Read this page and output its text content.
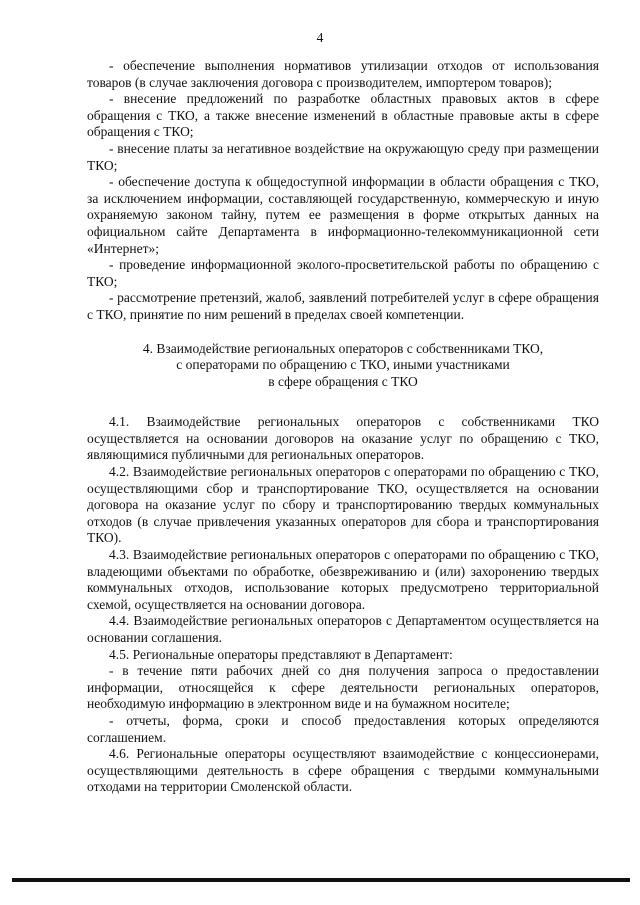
4

- обеспечение выполнения нормативов утилизации отходов от использования товаров (в случае заключения договора с производителем, импортером товаров);

- внесение предложений по разработке областных правовых актов в сфере обращения с ТКО, а также внесение изменений в областные правовые акты в сфере обращения с ТКО;

- внесение платы за негативное воздействие на окружающую среду при размещении ТКО;

- обеспечение доступа к общедоступной информации в области обращения с ТКО, за исключением информации, составляющей государственную, коммерческую и иную охраняемую законом тайну, путем ее размещения в форме открытых данных на официальном сайте Департамента в информационно-телекоммуникационной сети «Интернет»;

- проведение информационной эколого-просветительской работы по обращению с ТКО;

- рассмотрение претензий, жалоб, заявлений потребителей услуг в сфере обращения с ТКО, принятие по ним решений в пределах своей компетенции.

4. Взаимодействие региональных операторов с собственниками ТКО,
с операторами по обращению с ТКО, иными участниками
в сфере обращения с ТКО

4.1. Взаимодействие региональных операторов с собственниками ТКО осуществляется на основании договоров на оказание услуг по обращению с ТКО, являющимися публичными для региональных операторов.

4.2. Взаимодействие региональных операторов с операторами по обращению с ТКО, осуществляющими сбор и транспортирование ТКО, осуществляется на основании договора на оказание услуг по сбору и транспортированию твердых коммунальных отходов (в случае привлечения указанных операторов для сбора и транспортирования ТКО).

4.3. Взаимодействие региональных операторов с операторами по обращению с ТКО, владеющими объектами по обработке, обезвреживанию и (или) захоронению твердых коммунальных отходов, использование которых предусмотрено территориальной схемой, осуществляется на основании договора.

4.4. Взаимодействие региональных операторов с Департаментом осуществляется на основании соглашения.

4.5. Региональные операторы представляют в Департамент:

- в течение пяти рабочих дней со дня получения запроса о предоставлении информации, относящейся к сфере деятельности региональных операторов, необходимую информацию в электронном виде и на бумажном носителе;

- отчеты, форма, сроки и способ предоставления которых определяются соглашением.

4.6. Региональные операторы осуществляют взаимодействие с концессионерами, осуществляющими деятельность в сфере обращения с твердыми коммунальными отходами на территории Смоленской области.
